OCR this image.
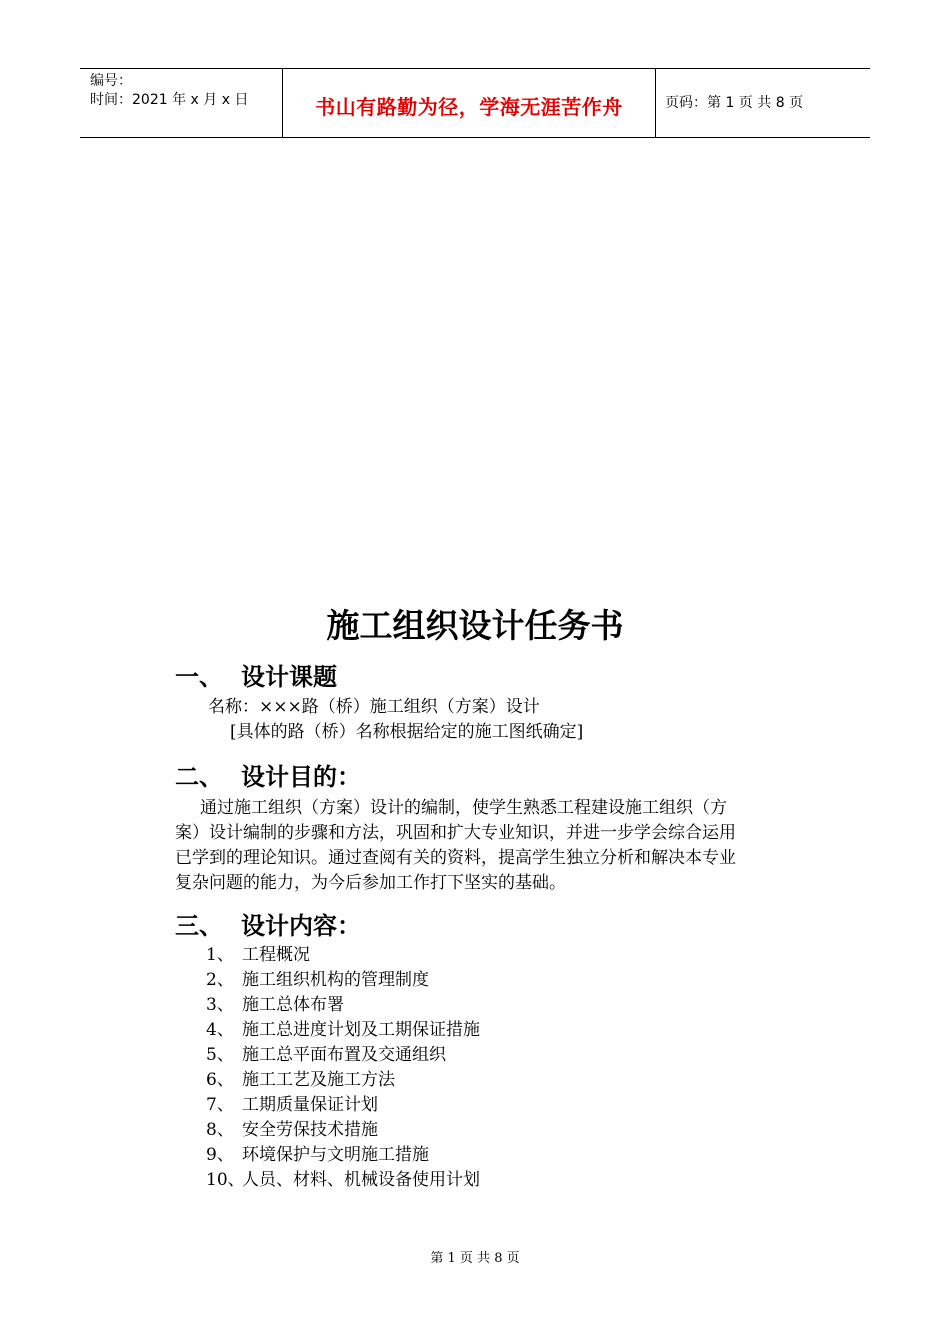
编号：
时间：2021 年 x 月 x 日	书山有路勤为径，学海无涯苦作舟	页码：第 1 页 共 8 页
施工组织设计任务书
一、 设计课题
名称：×××路（桥）施工组织（方案）设计
[具体的路（桥）名称根据给定的施工图纸确定]
二、 设计目的：
通过施工组织（方案）设计的编制，使学生熟悉工程建设施工组织（方
案）设计编制的步骤和方法，巩固和扩大专业知识，并进一步学会综合运用
已学到的理论知识。通过查阅有关的资料，提高学生独立分析和解决本专业
复杂问题的能力，为今后参加工作打下坚实的基础。
三、 设计内容：
1、 工程概况
2、 施工组织机构的管理制度
3、 施工总体布署
4、 施工总进度计划及工期保证措施
5、 施工总平面布置及交通组织
6、 施工工艺及施工方法
7、 工期质量保证计划
8、 安全劳保技术措施
9、 环境保护与文明施工措施
10、人员、材料、机械设备使用计划
第 1 页 共 8 页
